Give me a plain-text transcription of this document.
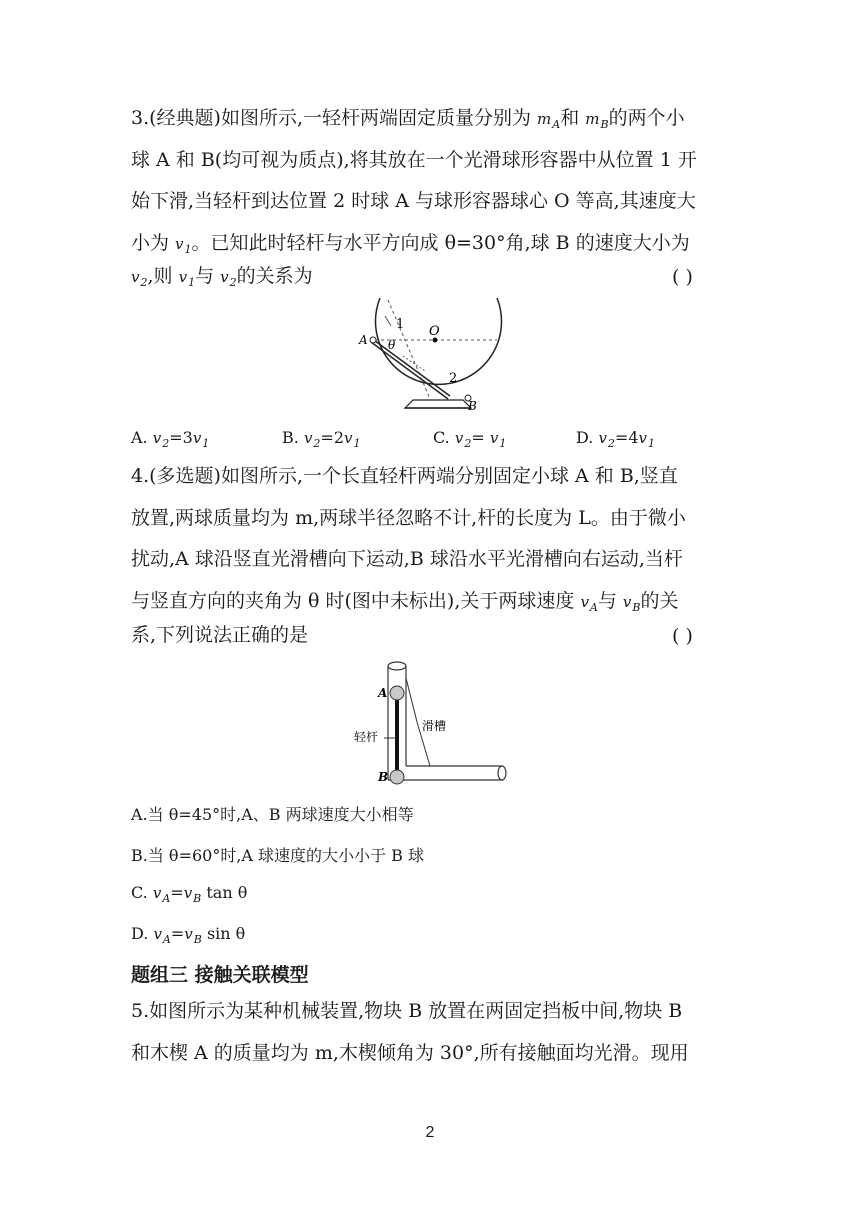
3.(经典题)如图所示,一轻杆两端固定质量分别为 $m_A$和 $m_B$的两个小
球 A 和 B(均可视为质点),将其放在一个光滑球形容器中从位置 1 开
始下滑,当轻杆到达位置 2 时球 A 与球形容器球心 O 等高,其速度大
小为 $v_1$。已知此时轻杆与水平方向成 θ=30°角,球 B 的速度大小为
$v_2$,则 $v_1$与 $v_2$的关系为	( )
1 O
A θ
2
B
A. $v_2=3v_1$	B. $v_2=2v_1$	C. $v_2= v_1$	D. $v_2=4v_1$
4.(多选题)如图所示,一个长直轻杆两端分别固定小球 A 和 B,竖直
放置,两球质量均为 m,两球半径忽略不计,杆的长度为 L。由于微小
扰动,A 球沿竖直光滑槽向下运动,B 球沿水平光滑槽向右运动,当杆
与竖直方向的夹角为 θ 时(图中未标出),关于两球速度 $v_A$与 $v_B$的关
系,下列说法正确的是	( )
A
B
轻杆
滑槽
A.当 θ=45°时,A、B 两球速度大小相等
B.当 θ=60°时,A 球速度的大小小于 B 球
C. $v_A=v_B$ tan θ
D. $v_A=v_B$ sin θ
题组三 接触关联模型
5.如图所示为某种机械装置,物块 B 放置在两固定挡板中间,物块 B
和木楔 A 的质量均为 m,木楔倾角为 30°,所有接触面均光滑。现用
2
